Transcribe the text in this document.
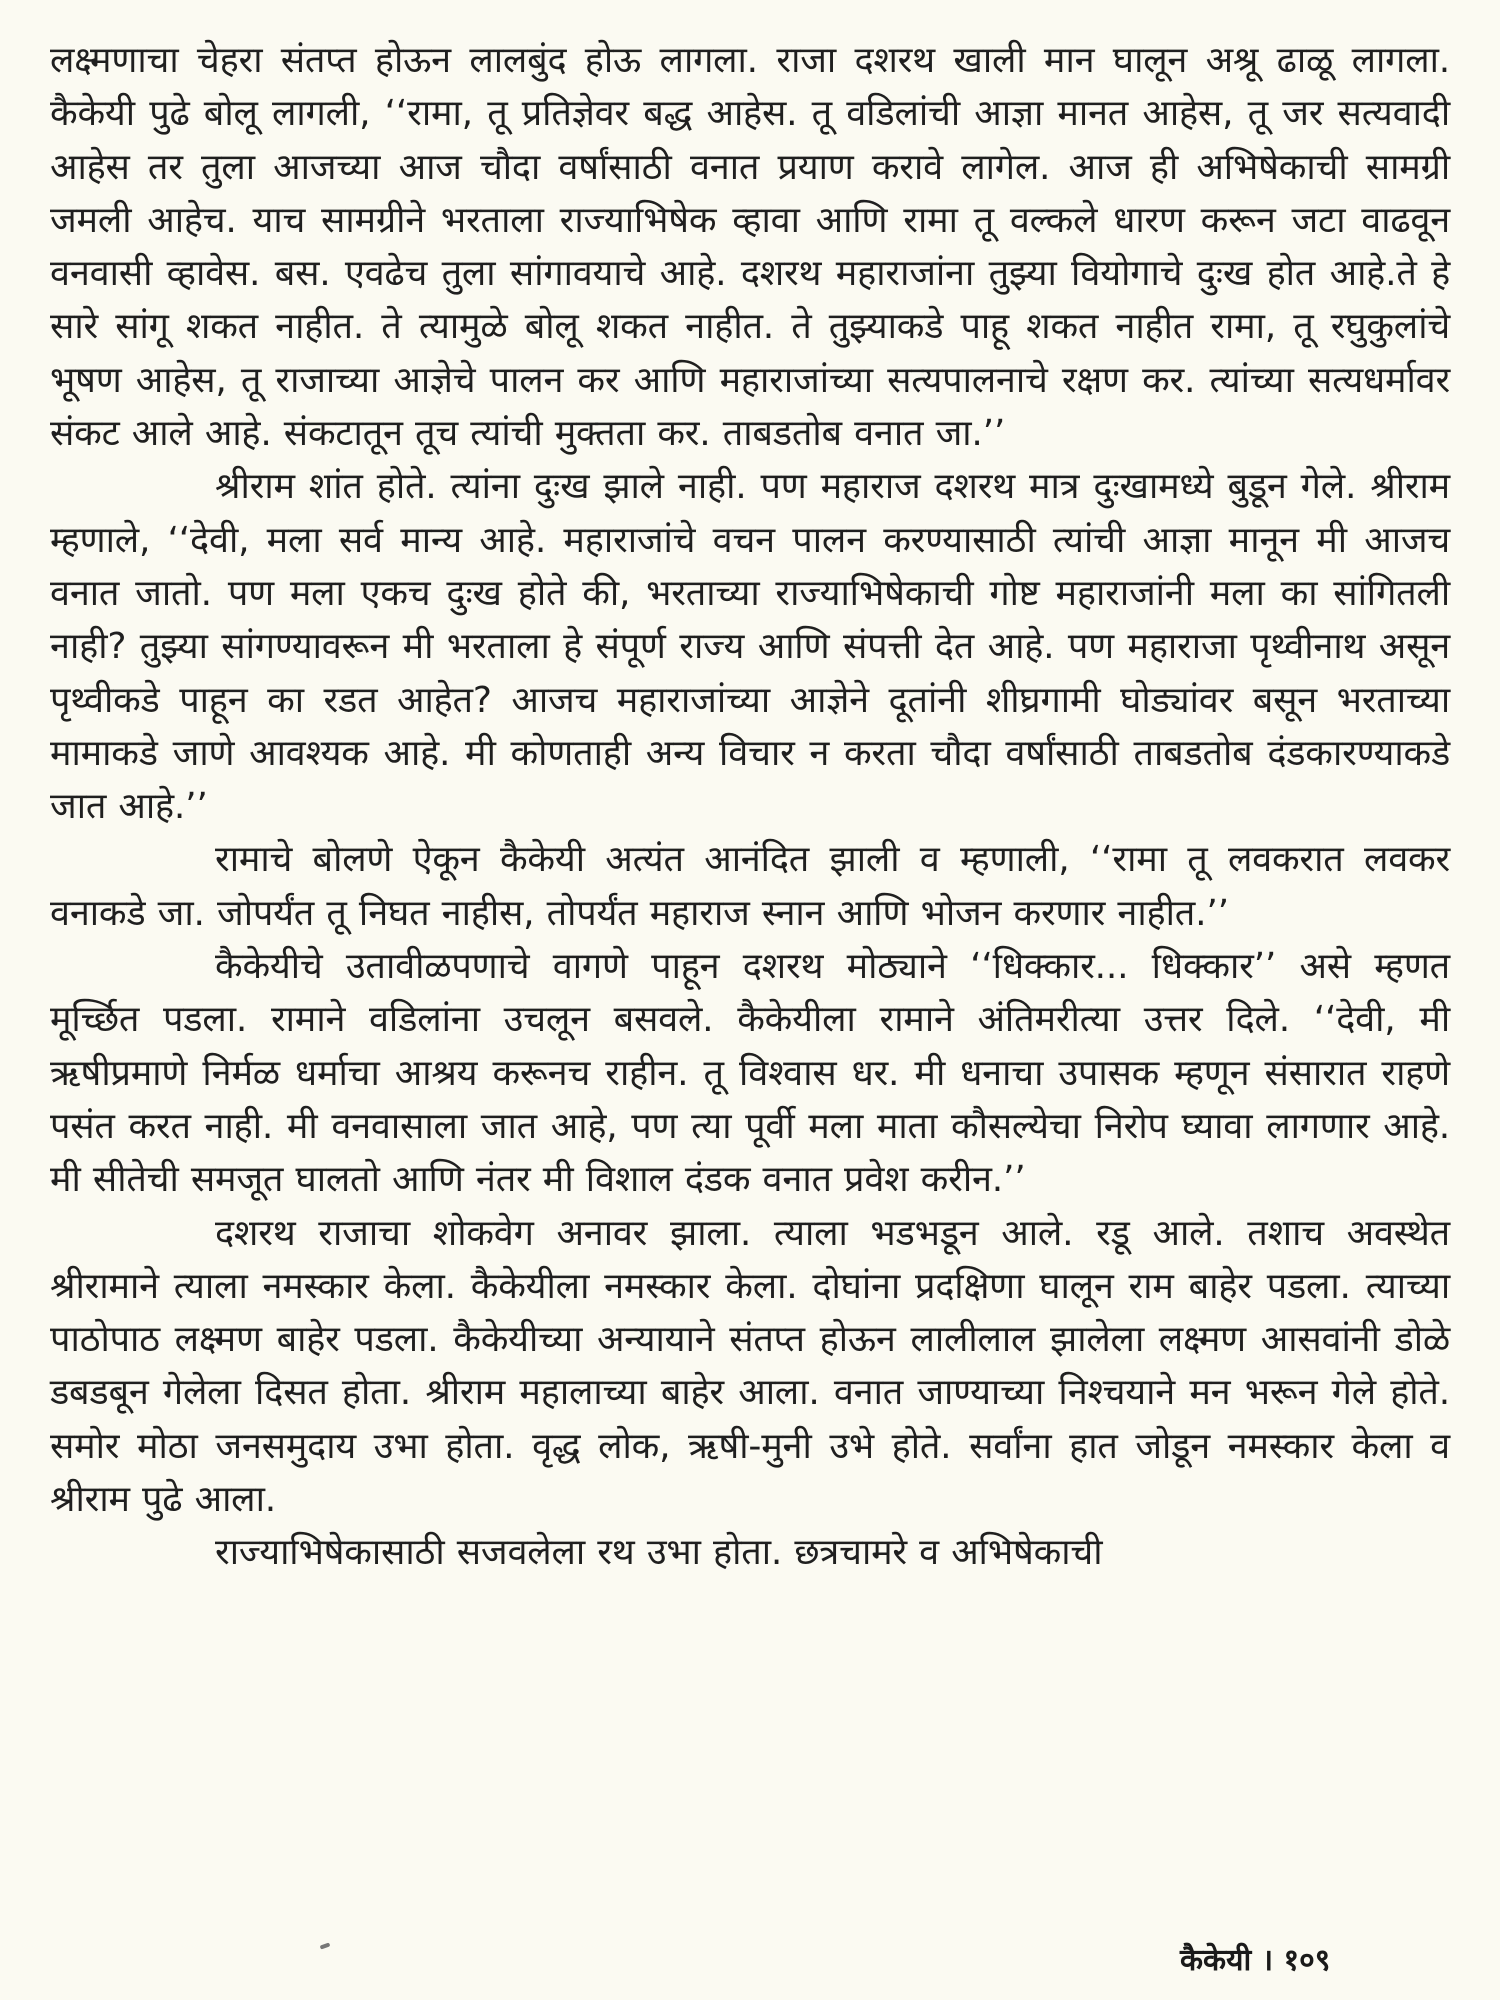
लक्ष्मणाचा चेहरा संतप्त होऊन लालबुंद होऊ लागला. राजा दशरथ खाली मान घालून अश्रू ढाळू लागला. कैकेयी पुढे बोलू लागली, ‘‘रामा, तू प्रतिज्ञेवर बद्ध आहेस. तू वडिलांची आज्ञा मानत आहेस, तू जर सत्यवादी आहेस तर तुला आजच्या आज चौदा वर्षांसाठी वनात प्रयाण करावे लागेल. आज ही अभिषेकाची सामग्री जमली आहेच. याच सामग्रीने भरताला राज्याभिषेक व्हावा आणि रामा तू वल्कले धारण करून जटा वाढवून वनवासी व्हावेस. बस. एवढेच तुला सांगावयाचे आहे. दशरथ महाराजांना तुझ्या वियोगाचे दुःख होत आहे.ते हे सारे सांगू शकत नाहीत. ते त्यामुळे बोलू शकत नाहीत. ते तुझ्याकडे पाहू शकत नाहीत रामा, तू रघुकुलांचे भूषण आहेस, तू राजाच्या आज्ञेचे पालन कर आणि महाराजांच्या सत्यपालनाचे रक्षण कर. त्यांच्या सत्यधर्मावर संकट आले आहे. संकटातून तूच त्यांची मुक्तता कर. ताबडतोब वनात जा.’’

श्रीराम शांत होते. त्यांना दुःख झाले नाही. पण महाराज दशरथ मात्र दुःखामध्ये बुडून गेले. श्रीराम म्हणाले, ‘‘देवी, मला सर्व मान्य आहे. महाराजांचे वचन पालन करण्यासाठी त्यांची आज्ञा मानून मी आजच वनात जातो. पण मला एकच दुःख होते की, भरताच्या राज्याभिषेकाची गोष्ट महाराजांनी मला का सांगितली नाही? तुझ्या सांगण्यावरून मी भरताला हे संपूर्ण राज्य आणि संपत्ती देत आहे. पण महाराजा पृथ्वीनाथ असून पृथ्वीकडे पाहून का रडत आहेत? आजच महाराजांच्या आज्ञेने दूतांनी शीघ्रगामी घोड्यांवर बसून भरताच्या मामाकडे जाणे आवश्यक आहे. मी कोणताही अन्य विचार न करता चौदा वर्षांसाठी ताबडतोब दंडकारण्याकडे जात आहे.’’

रामाचे बोलणे ऐकून कैकेयी अत्यंत आनंदित झाली व म्हणाली, ‘‘रामा तू लवकरात लवकर वनाकडे जा. जोपर्यंत तू निघत नाहीस, तोपर्यंत महाराज स्नान आणि भोजन करणार नाहीत.’’

कैकेयीचे उतावीळपणाचे वागणे पाहून दशरथ मोठ्याने ‘‘धिक्कार... धिक्कार’’ असे म्हणत मूर्च्छित पडला. रामाने वडिलांना उचलून बसवले. कैकेयीला रामाने अंतिमरीत्या उत्तर दिले. ‘‘देवी, मी ऋषीप्रमाणे निर्मळ धर्माचा आश्रय करूनच राहीन. तू विश्वास धर. मी धनाचा उपासक म्हणून संसारात राहणे पसंत करत नाही. मी वनवासाला जात आहे, पण त्या पूर्वी मला माता कौसल्येचा निरोप घ्यावा लागणार आहे. मी सीतेची समजूत घालतो आणि नंतर मी विशाल दंडक वनात प्रवेश करीन.’’

दशरथ राजाचा शोकवेग अनावर झाला. त्याला भडभडून आले. रडू आले. तशाच अवस्थेत श्रीरामाने त्याला नमस्कार केला. कैकेयीला नमस्कार केला. दोघांना प्रदक्षिणा घालून राम बाहेर पडला. त्याच्या पाठोपाठ लक्ष्मण बाहेर पडला. कैकेयीच्या अन्यायाने संतप्त होऊन लालीलाल झालेला लक्ष्मण आसवांनी डोळे डबडबून गेलेला दिसत होता. श्रीराम महालाच्या बाहेर आला. वनात जाण्याच्या निश्चयाने मन भरून गेले होते. समोर मोठा जनसमुदाय उभा होता. वृद्ध लोक, ऋषी-मुनी उभे होते. सर्वांना हात जोडून नमस्कार केला व श्रीराम पुढे आला.

राज्याभिषेकासाठी सजवलेला रथ उभा होता. छत्रचामरे व अभिषेकाची

कैकेयी । १०९
